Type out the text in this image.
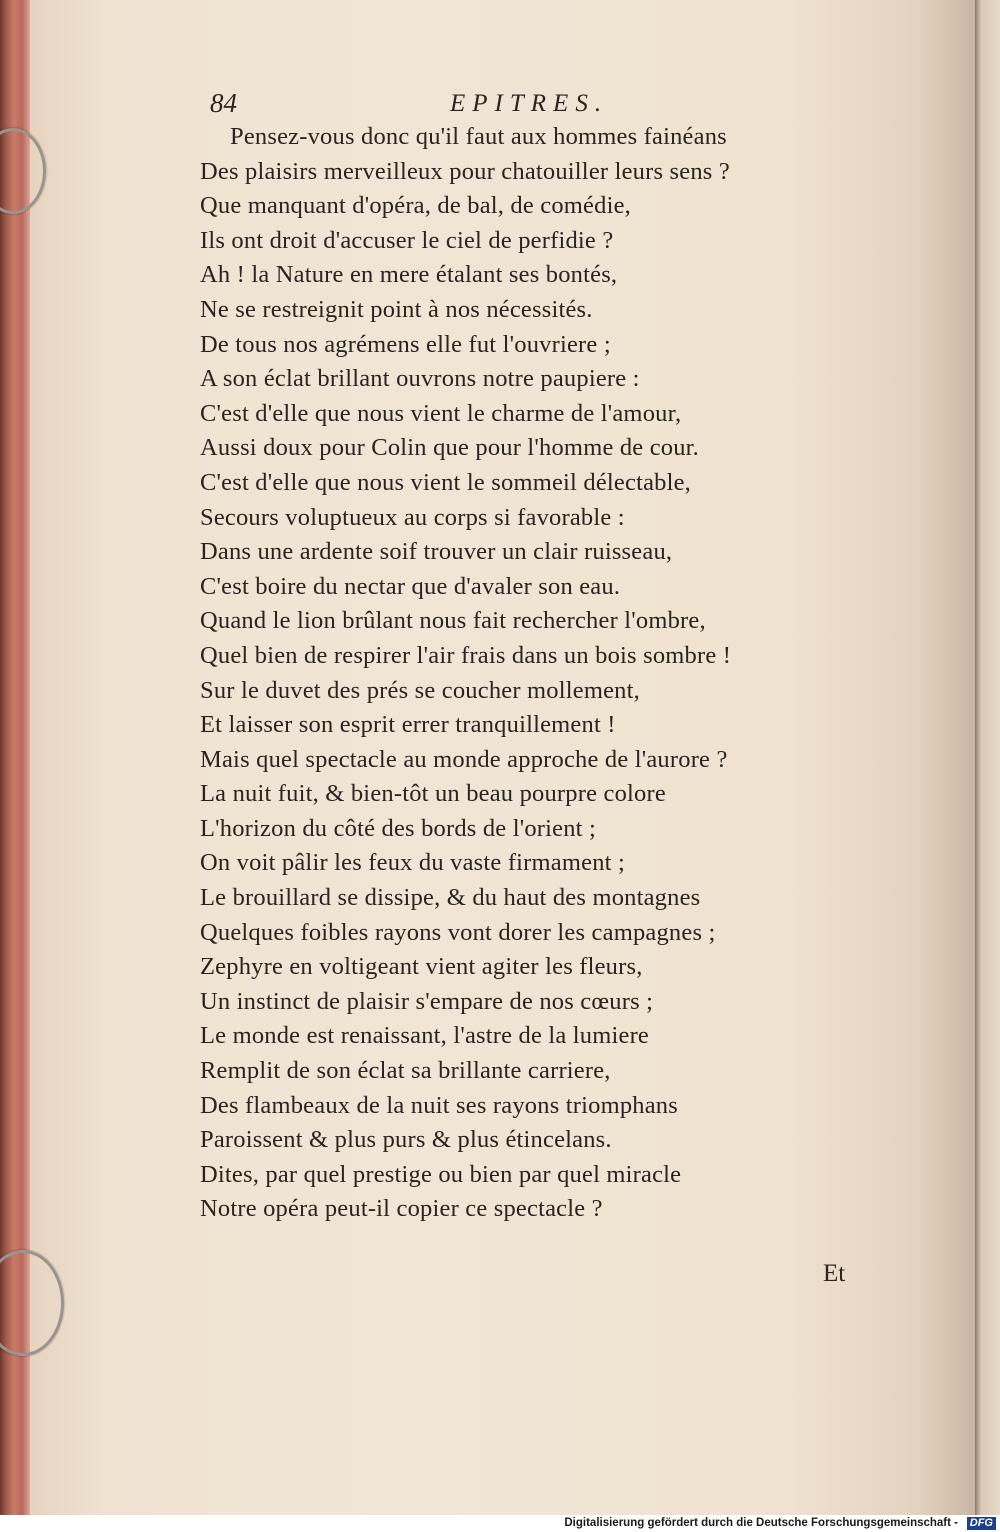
84	EPITRES.
Pensez-vous donc qu'il faut aux hommes fainéans
Des plaisirs merveilleux pour chatouiller leurs sens ?
Que manquant d'opéra, de bal, de comédie,
Ils ont droit d'accuser le ciel de perfidie ?
Ah ! la Nature en mere étalant ses bontés,
Ne se restreignit point à nos nécessités.
De tous nos agrémens elle fut l'ouvriere ;
A son éclat brillant ouvrons notre paupiere :
C'est d'elle que nous vient le charme de l'amour,
Aussi doux pour Colin que pour l'homme de cour.
C'est d'elle que nous vient le sommeil délectable,
Secours voluptueux au corps si favorable :
Dans une ardente soif trouver un clair ruisseau,
C'est boire du nectar que d'avaler son eau.
Quand le lion brûlant nous fait rechercher l'ombre,
Quel bien de respirer l'air frais dans un bois sombre !
Sur le duvet des prés se coucher mollement,
Et laisser son esprit errer tranquillement !
Mais quel spectacle au monde approche de l'aurore ?
La nuit fuit, & bien-tôt un beau pourpre colore
L'horizon du côté des bords de l'orient ;
On voit pâlir les feux du vaste firmament ;
Le brouillard se dissipe, & du haut des montagnes
Quelques foibles rayons vont dorer les campagnes ;
Zephyre en voltigeant vient agiter les fleurs,
Un instinct de plaisir s'empare de nos cœurs ;
Le monde est renaissant, l'astre de la lumiere
Remplit de son éclat sa brillante carriere,
Des flambeaux de la nuit ses rayons triomphans
Paroissent & plus purs & plus étincelans.
Dites, par quel prestige ou bien par quel miracle
Notre opéra peut-il copier ce spectacle ?
Et
Digitalisierung gefördert durch die Deutsche Forschungsgemeinschaft - DFG
